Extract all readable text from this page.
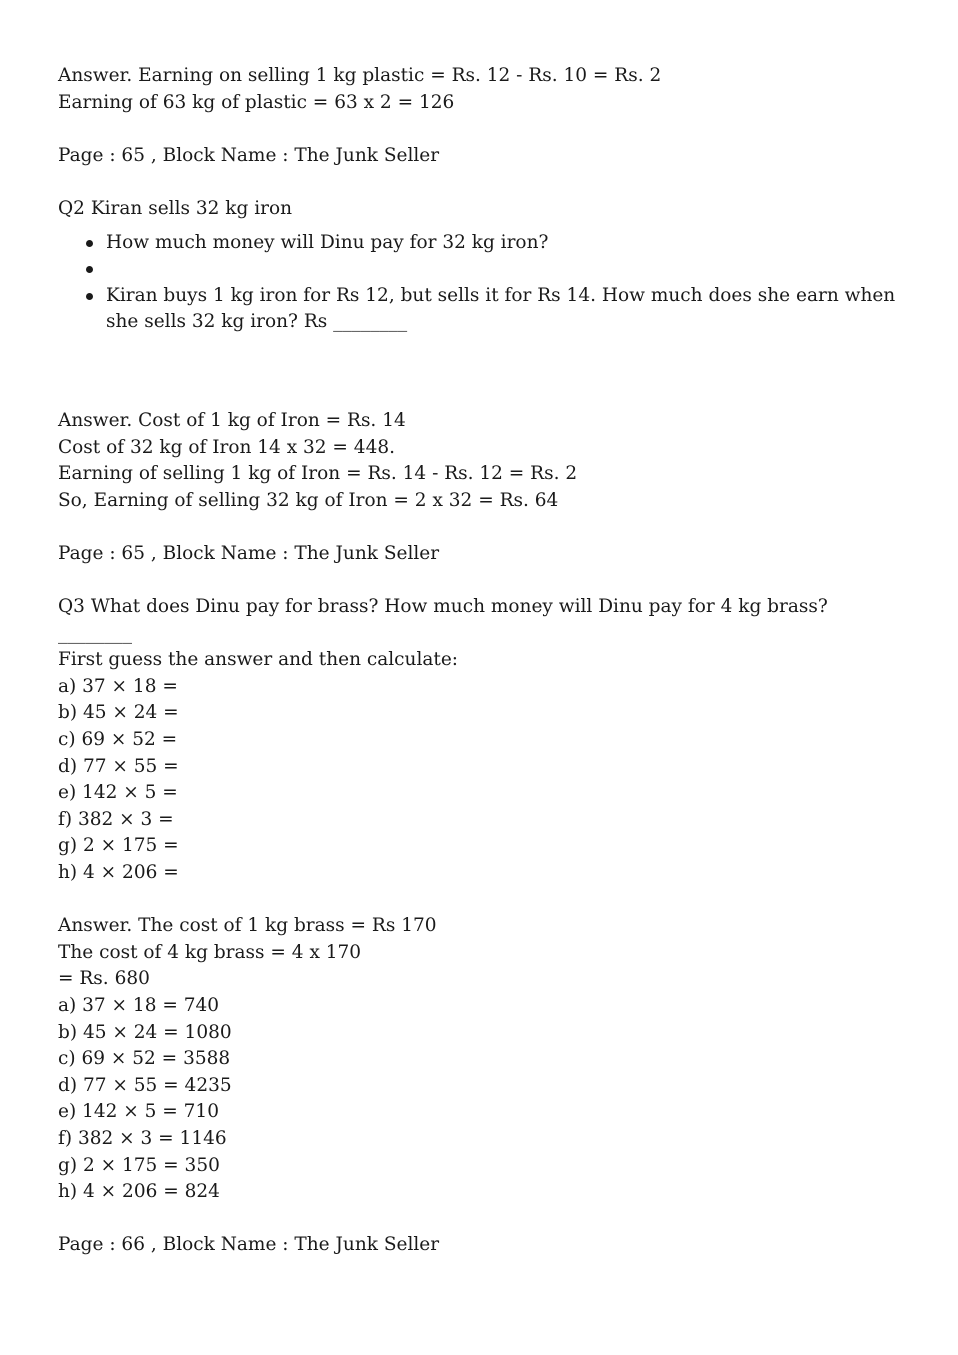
Answer. Earning on selling 1 kg plastic = Rs. 12 - Rs. 10 = Rs. 2

Earning of 63 kg of plastic = 63 x 2 = 126

Page : 65 , Block Name : The Junk Seller

Q2 Kiran sells 32 kg iron

How much money will Dinu pay for 32 kg iron?
Kiran buys 1 kg iron for Rs 12, but sells it for Rs 14. How much does she earn when she sells 32 kg iron? Rs ________

Answer. Cost of 1 kg of Iron = Rs. 14

Cost of 32 kg of Iron 14 x 32 = 448.

Earning of selling 1 kg of Iron = Rs. 14 - Rs. 12 = Rs. 2

So, Earning of selling 32 kg of Iron = 2 x 32 = Rs. 64

Page : 65 , Block Name : The Junk Seller

Q3 What does Dinu pay for brass? How much money will Dinu pay for 4 kg brass? ________

First guess the answer and then calculate:

a) 37 × 18 =

b) 45 × 24 =

c) 69 × 52 =

d) 77 × 55 =

e) 142 × 5 =

f) 382 × 3 =

g) 2 × 175 =

h) 4 × 206 =

Answer. The cost of 1 kg brass = Rs 170

The cost of 4 kg brass = 4 x 170

= Rs. 680

a) 37 × 18 = 740

b) 45 × 24 = 1080

c) 69 × 52 = 3588

d) 77 × 55 = 4235

e) 142 × 5 = 710

f) 382 × 3 = 1146

g) 2 × 175 = 350

h) 4 × 206 = 824

Page : 66 , Block Name : The Junk Seller
